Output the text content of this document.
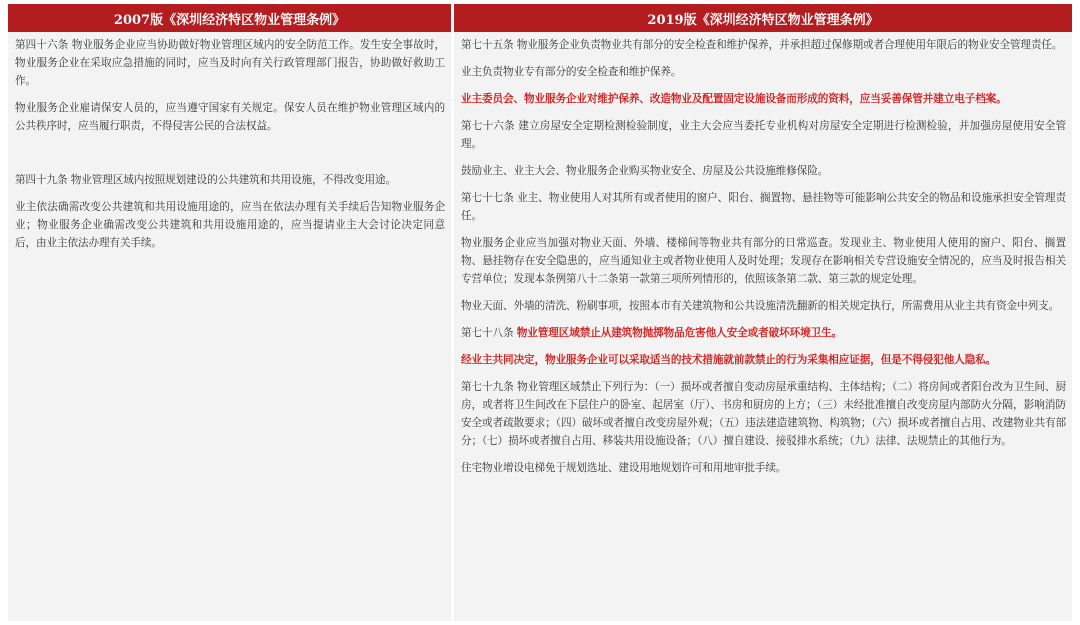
2007版《深圳经济特区物业管理条例》
第四十六条 物业服务企业应当协助做好物业管理区域内的安全防范工作。发生安全事故时，物业服务企业在采取应急措施的同时，应当及时向有关行政管理部门报告，协助做好救助工作。
物业服务企业雇请保安人员的，应当遵守国家有关规定。保安人员在维护物业管理区域内的公共秩序时，应当履行职责，不得侵害公民的合法权益。
第四十九条 物业管理区域内按照规划建设的公共建筑和共用设施，不得改变用途。
业主依法确需改变公共建筑和共用设施用途的，应当在依法办理有关手续后告知物业服务企业；物业服务企业确需改变公共建筑和共用设施用途的，应当提请业主大会讨论决定同意后，由业主依法办理有关手续。
2019版《深圳经济特区物业管理条例》
第七十五条 物业服务企业负责物业共有部分的安全检查和维护保养，并承担超过保修期或者合理使用年限后的物业安全管理责任。
业主负责物业专有部分的安全检查和维护保养。
业主委员会、物业服务企业对维护保养、改造物业及配置固定设施设备而形成的资料，应当妥善保管并建立电子档案。
第七十六条 建立房屋安全定期检测检验制度，业主大会应当委托专业机构对房屋安全定期进行检测检验，并加强房屋使用安全管理。
鼓励业主、业主大会、物业服务企业购买物业安全、房屋及公共设施维修保险。
第七十七条 业主、物业使用人对其所有或者使用的窗户、阳台、搁置物、悬挂物等可能影响公共安全的物品和设施承担安全管理责任。
物业服务企业应当加强对物业天面、外墙、楼梯间等物业共有部分的日常巡查。发现业主、物业使用人使用的窗户、阳台、搁置物、悬挂物存在安全隐患的，应当通知业主或者物业使用人及时处理；发现存在影响相关专营设施安全情况的，应当及时报告相关专营单位；发现本条例第八十二条第一款第三项所列情形的，依照该条第二款、第三款的规定处理。
物业天面、外墙的清洗、粉刷事项，按照本市有关建筑物和公共设施清洗翻新的相关规定执行，所需费用从业主共有资金中列支。
第七十八条 物业管理区域禁止从建筑物抛掷物品危害他人安全或者破坏环境卫生。
经业主共同决定，物业服务企业可以采取适当的技术措施就前款禁止的行为采集相应证据，但是不得侵犯他人隐私。
第七十九条 物业管理区域禁止下列行为：（一）损坏或者擅自变动房屋承重结构、主体结构；（二）将房间或者阳台改为卫生间、厨房，或者将卫生间改在下层住户的卧室、起居室（厅）、书房和厨房的上方；（三）未经批准擅自改变房屋内部防火分隔，影响消防安全或者疏散要求；（四）破坏或者擅自改变房屋外观；（五）违法建造建筑物、构筑物；（六）损坏或者擅自占用、改建物业共有部分；（七）损坏或者擅自占用、移装共用设施设备；（八）擅自建设、接驳排水系统；（九）法律、法规禁止的其他行为。
住宅物业增设电梯免于规划选址、建设用地规划许可和用地审批手续。
